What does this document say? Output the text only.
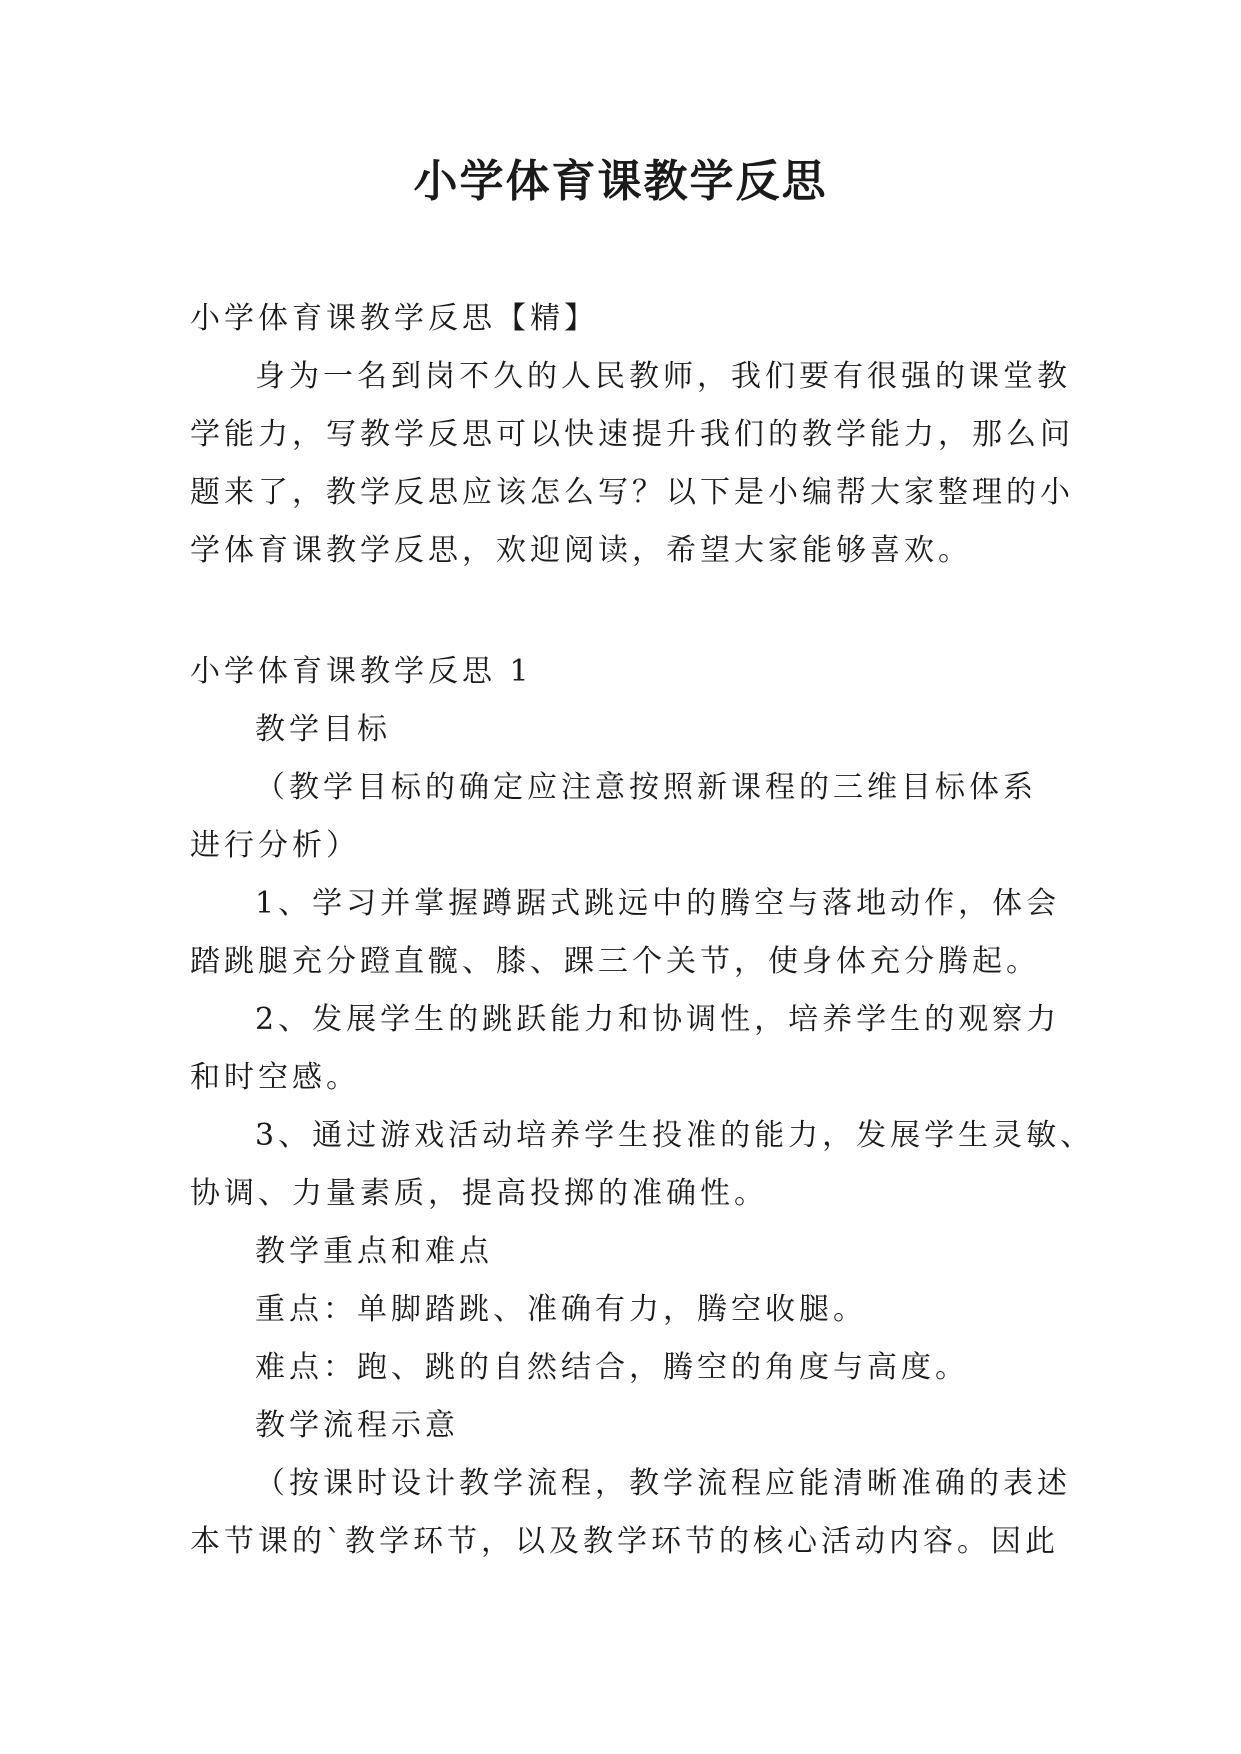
小学体育课教学反思
小学体育课教学反思【精】
身为一名到岗不久的人民教师，我们要有很强的课堂教
学能力，写教学反思可以快速提升我们的教学能力，那么问
题来了，教学反思应该怎么写？以下是小编帮大家整理的小
学体育课教学反思，欢迎阅读，希望大家能够喜欢。
小学体育课教学反思 1
教学目标
（教学目标的确定应注意按照新课程的三维目标体系
进行分析）
1、学习并掌握蹲踞式跳远中的腾空与落地动作，体会
踏跳腿充分蹬直髋、膝、踝三个关节，使身体充分腾起。
2、发展学生的跳跃能力和协调性，培养学生的观察力
和时空感。
3、通过游戏活动培养学生投准的能力，发展学生灵敏、
协调、力量素质，提高投掷的准确性。
教学重点和难点
重点：单脚踏跳、准确有力，腾空收腿。
难点：跑、跳的自然结合，腾空的角度与高度。
教学流程示意
（按课时设计教学流程，教学流程应能清晰准确的表述
本节课的`教学环节，以及教学环节的核心活动内容。因此
